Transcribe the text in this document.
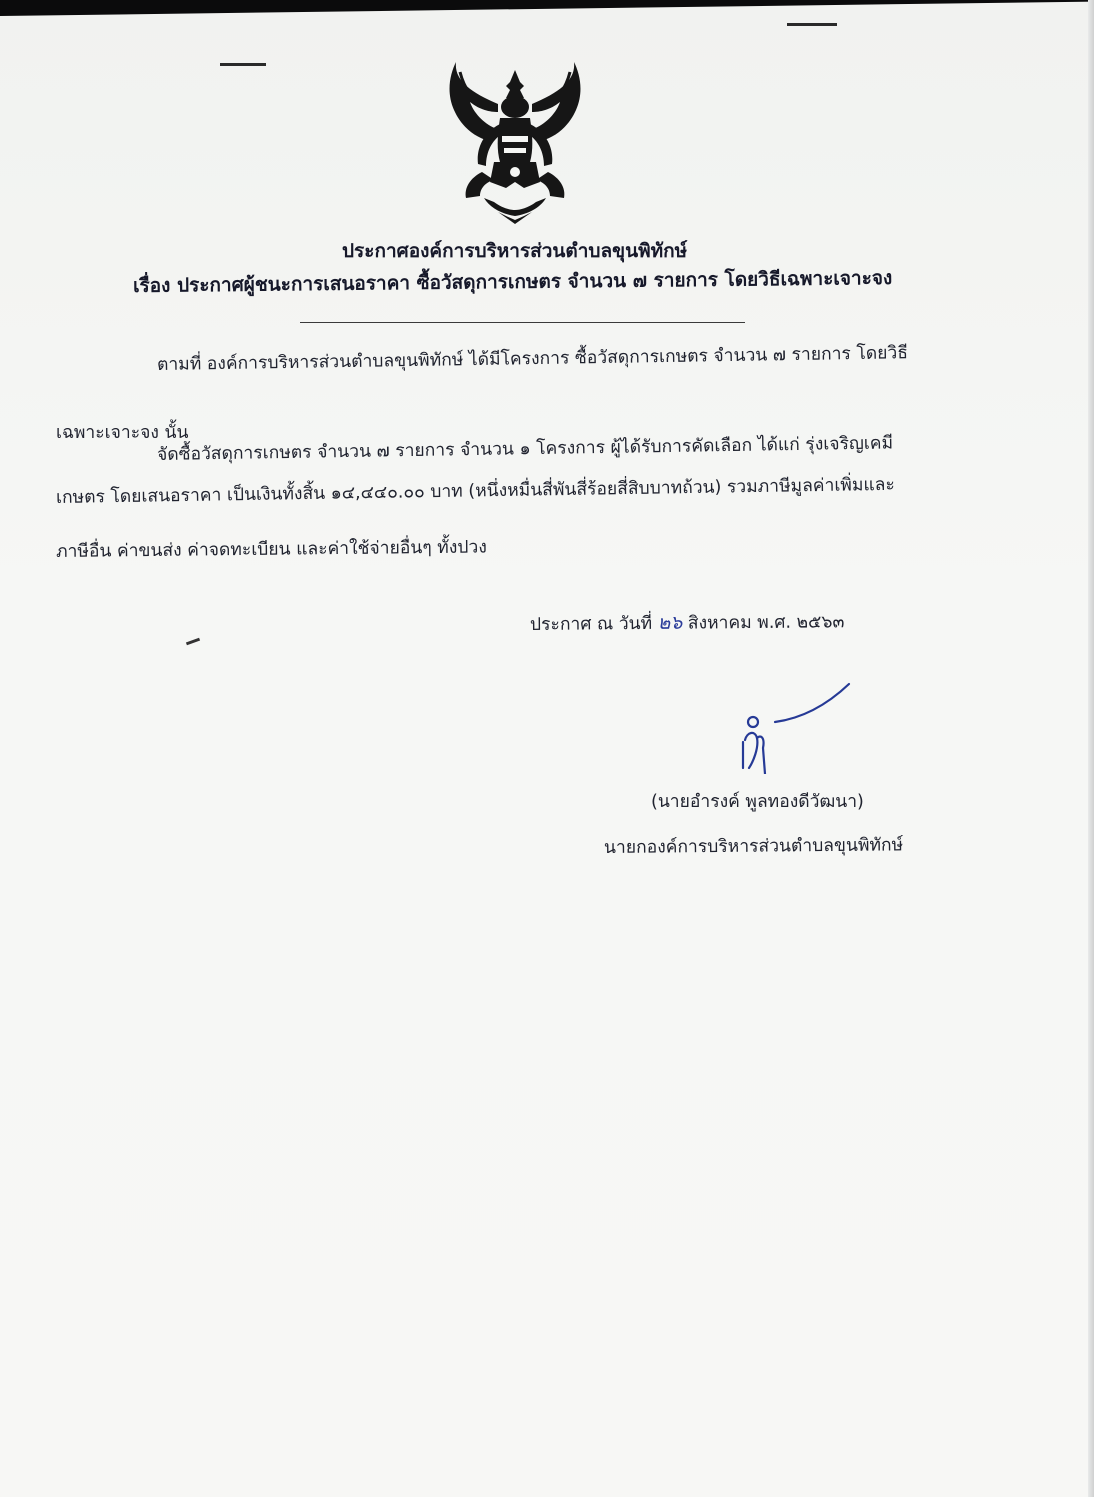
ประกาศองค์การบริหารส่วนตำบลขุนพิทักษ์
เรื่อง ประกาศผู้ชนะการเสนอราคา ซื้อวัสดุการเกษตร จำนวน ๗ รายการ โดยวิธีเฉพาะเจาะจง
ตามที่ องค์การบริหารส่วนตำบลขุนพิทักษ์ ได้มีโครงการ ซื้อวัสดุการเกษตร จำนวน ๗ รายการ โดยวิธี
เฉพาะเจาะจง นั้น
จัดซื้อวัสดุการเกษตร จำนวน ๗ รายการ จำนวน ๑ โครงการ ผู้ได้รับการคัดเลือก ได้แก่ รุ่งเจริญเคมี
เกษตร โดยเสนอราคา เป็นเงินทั้งสิ้น ๑๔,๔๔๐.๐๐ บาท (หนึ่งหมื่นสี่พันสี่ร้อยสี่สิบบาทถ้วน) รวมภาษีมูลค่าเพิ่มและ
ภาษีอื่น ค่าขนส่ง ค่าจดทะเบียน และค่าใช้จ่ายอื่นๆ ทั้งปวง
ประกาศ ณ วันที่ ๒๖ สิงหาคม พ.ศ. ๒๕๖๓
(นายอำรงค์ พูลทองดีวัฒนา)
นายกองค์การบริหารส่วนตำบลขุนพิทักษ์
